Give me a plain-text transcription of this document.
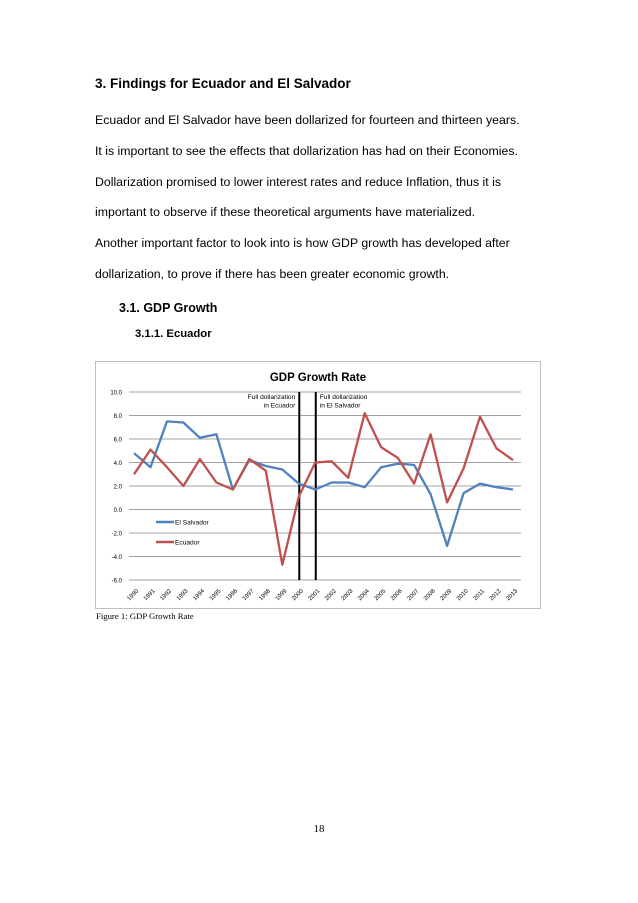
3. Findings for Ecuador and El Salvador

Ecuador and El Salvador have been dollarized for fourteen and thirteen years.

It is important to see the effects that dollarization has had on their Economies.

Dollarization promised to lower interest rates and reduce Inflation, thus it is

important to observe if these theoretical arguments have materialized.

Another important factor to look into is how GDP growth has developed after

dollarization, to prove if there has been greater economic growth.

3.1. GDP Growth
3.1.1. Ecuador
10.0
8.0
6.0
4.0
2.0
0.0
-2.0
-4.0
-6.0
GDP Growth Rate
Full dollarization
in Ecuador
Full dollarization
in El Salvador
1990 1991 1992 1993 1994 1995 1996 1997 1998 1999 2000 2001 2002 2003 2004 2005 2006 2007 2008 2009 2010 2011 2012 2013
El Salvador
Ecuador
Figure 1: GDP Growth Rate
18
